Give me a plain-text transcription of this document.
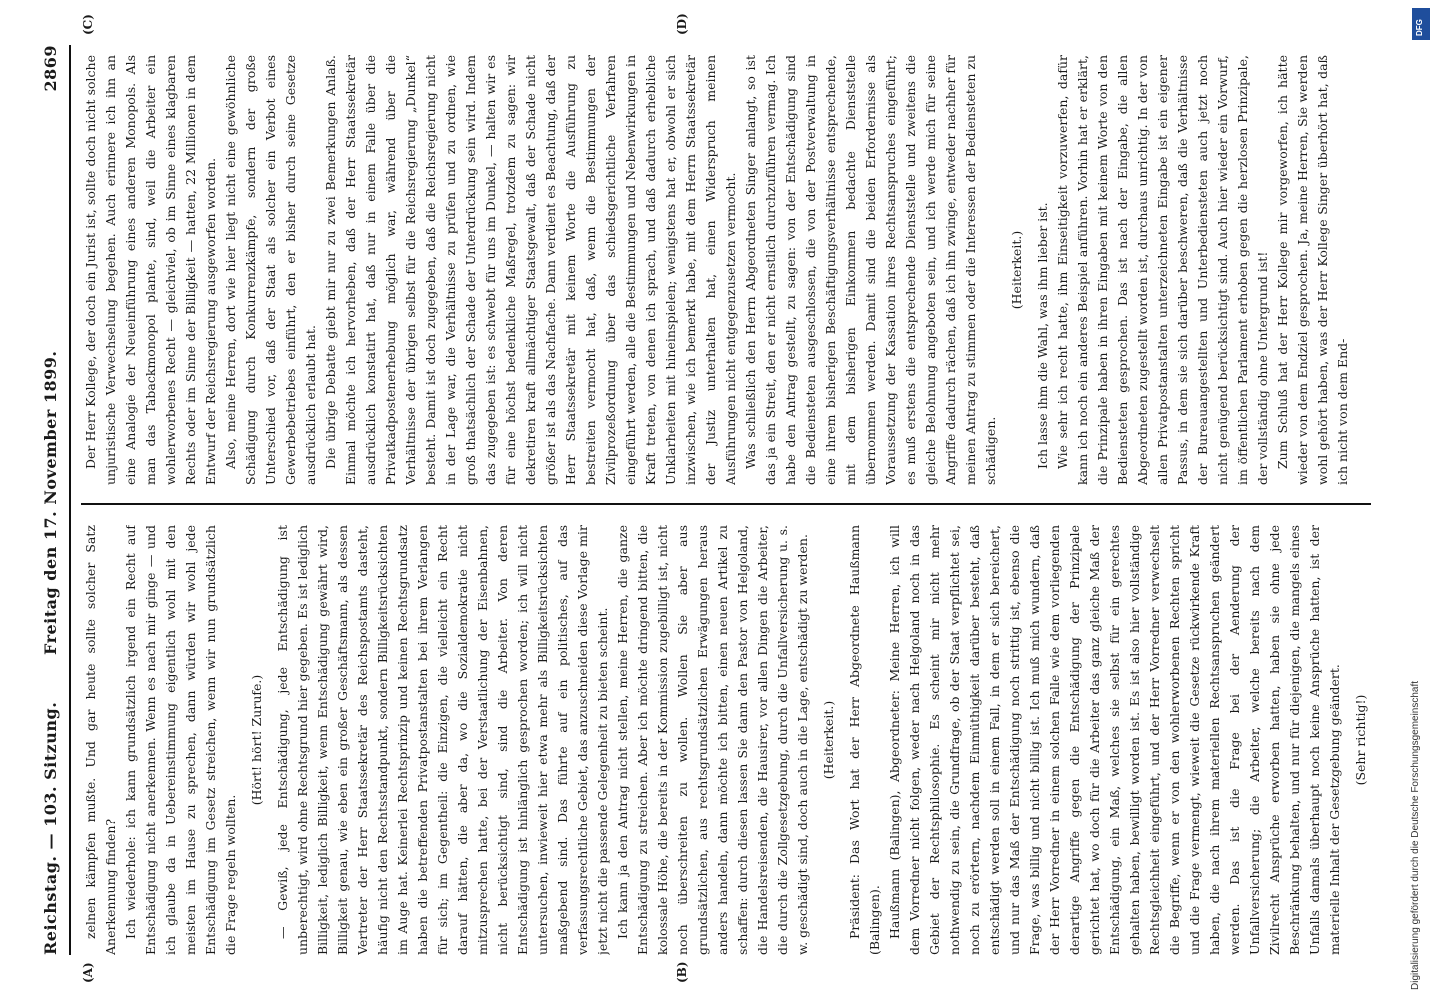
Reichstag. — 103. Sitzung.
Freitag den 17. November 1899.
2869
(A)	(B)
(C)	(D)

zelnen kämpfen mußte. Und gar heute sollte solcher Satz Anerkennung finden? Ich wiederhole: ich kann grundsätzlich irgend ein Recht auf Entschädigung nicht anerkennen. Wenn es nach mir ginge — und ich glaube da in Uebereinstimmung eigentlich wohl mit den meisten im Hause zu sprechen, dann würden wir wohl jede Entschädigung im Gesetz streichen, wenn wir nun grundsätzlich die Frage regeln wollten.

(Hört! hört! Zurufe.) — Gewiß, jede Entschädigung, jede Entschädigung ist unberechtigt, wird ohne Rechtsgrund hier gegeben. Es ist lediglich Billigkeit, lediglich Billigkeit, wenn Entschädigung gewährt wird, Billigkeit genau, wie eben ein großer Geschäftsmann, als dessen Vertreter der Herr Staatssekretär des Reichspostamts dasteht, häufig nicht den Rechtsstandpunkt, sondern Billigkeitsrücksichten im Auge hat. Keinerlei Rechtsprinzip und keinen Rechtsgrundsatz haben die betreffenden Privatpostanstalten bei ihrem Verlangen für sich; im Gegentheil: die Einzigen, die vielleicht ein Recht darauf hätten, die aber da, wo die Sozialdemokratie nicht mitzusprechen hatte, bei der Verstaatlichung der Eisenbahnen, nicht berücksichtigt sind, sind die Arbeiter. Von deren Entschädigung ist hinlänglich gesprochen worden; ich will nicht untersuchen, inwieweit hier etwa mehr als Billigkeitsrücksichten maßgebend sind. Das führte auf ein politisches, auf das verfassungsrechtliche Gebiet, das anzuschneiden diese Vorlage mir jetzt nicht die passende Gelegenheit zu bieten scheint. Ich kann ja den Antrag nicht stellen, meine Herren, die ganze Entschädigung zu streichen. Aber ich möchte dringend bitten, die kolossale Höhe, die bereits in der Kommission zugebilligt ist, nicht noch überschreiten zu wollen. Wollen Sie aber aus grundsätzlichen, aus rechtsgrundsätzlichen Erwägungen heraus anders handeln, dann möchte ich bitten, einen neuen Artikel zu schaffen: durch diesen lassen Sie dann den Pastor von Helgoland, die Handelsreisenden, die Hausirer, vor allen Dingen die Arbeiter, die durch die Zollgesetzgebung, durch die Unfallversicherung u. s. w. geschädigt sind, doch auch in die Lage, entschädigt zu werden. (Heiterkeit.) Präsident: Das Wort hat der Herr Abgeordnete Haußmann (Balingen). Haußmann (Balingen), Abgeordneter: Meine Herren, ich will dem Vorredner nicht folgen, weder nach Helgoland noch in das Gebiet der Rechtsphilosophie. Es scheint mir nicht mehr nothwendig zu sein, die Grundfrage, ob der Staat verpflichtet sei, noch zu erörtern, nachdem Einmüthigkeit darüber besteht, daß entschädigt werden soll in einem Fall, in dem er sich bereichert, und nur das Maß der Entschädigung noch strittig ist, ebenso die Frage, was billig und nicht billig ist. Ich muß mich wundern, daß der Herr Vorredner in einem solchen Falle wie dem vorliegenden derartige Angriffe gegen die Entschädigung der Prinzipale gerichtet hat, wo doch für die Arbeiter das ganz gleiche Maß der Entschädigung, ein Maß, welches sie selbst für ein gerechtes gehalten haben, bewilligt worden ist. Es ist also hier vollständige Rechtsgleichheit eingeführt, und der Herr Vorredner verwechselt die Begriffe, wenn er von den wohlerworbenen Rechten spricht und die Frage vermengt, wieweit die Gesetze rückwirkende Kraft haben, die nach ihrem materiellen Rechtsanspruchen geändert werden. Das ist die Frage bei der Aenderung der Unfallversicherung; die Arbeiter, welche bereits nach dem Zivilrecht Ansprüche erworben hatten, haben sie ohne jede Beschränkung behalten, und nur für diejenigen, die mangels eines Unfalls damals überhaupt noch keine Ansprüche hatten, ist der materielle Inhalt der Gesetzgebung geändert. (Sehr richtig!)

Der Herr Kollege, der doch ein Jurist ist, sollte doch nicht solche unjuristische Verwechselung begehen. Auch erinnere ich ihn an eine Analogie der Neueinführung eines anderen Monopols. Als man das Tabackmonopol plante, sind, weil die Arbeiter ein wohlerworbenes Recht — gleichviel, ob im Sinne eines klagbaren Rechts oder im Sinne der Billigkeit — hatten, 22 Millionen in dem Entwurf der Reichsregierung ausgeworfen worden. Also, meine Herren, dort wie hier liegt nicht eine gewöhnliche Schädigung durch Konkurrenzkämpfe, sondern der große Unterschied vor, daß der Staat als solcher ein Verbot eines Gewerbebetriebes einführt, den er bisher durch seine Gesetze ausdrücklich erlaubt hat. Die übrige Debatte giebt mir nur zu zwei Bemerkungen Anlaß. Einmal möchte ich hervorheben, daß der Herr Staatssekretär ausdrücklich konstatirt hat, daß nur in einem Falle über die Privatkadpostenerhebung möglich war, während über die Verhältnisse der übrigen selbst für die Reichsregierung „Dunkel“ besteht. Damit ist doch zugegeben, daß die Reichsregierung nicht in der Lage war, die Verhältnisse zu prüfen und zu ordnen, wie groß thatsächlich der Schade der Unterdrückung sein wird. Indem das zugegeben ist: es schwebt für uns im Dunkel, — halten wir es für eine höchst bedenkliche Maßregel, trotzdem zu sagen: wir dekretiren kraft allmächtiger Staatsgewalt, daß der Schade nicht größer ist als das Nachfache. Dann verdient es Beachtung, daß der Herr Staatssekretär mit keinem Worte die Ausführung zu bestreiten vermocht hat, daß, wenn die Bestimmungen der Zivilprozeßordnung über das schiedsgerichtliche Verfahren eingeführt werden, alle die Bestimmungen und Nebenwirkungen in Kraft treten, von denen ich sprach, und daß dadurch erhebliche Unklarheiten mit hineinspielen; wenigstens hat er, obwohl er sich inzwischen, wie ich bemerkt habe, mit dem Herrn Staatssekretär der Justiz unterhalten hat, einen Widerspruch meinen Ausführungen nicht entgegenzusetzen vermocht. Was schließlich den Herrn Abgeordneten Singer anlangt, so ist das ja ein Streit, den er nicht ernstlich durchzuführen vermag. Ich habe den Antrag gestellt, zu sagen: von der Entschädigung sind die Bediensteten ausgeschlossen, die von der Postverwaltung in eine ihrem bisherigen Beschäftigungsverhältnisse entsprechende, mit dem bisherigen Einkommen bedachte Dienststelle übernommen werden. Damit sind die beiden Erfordernisse als Voraussetzung der Kassation ihres Rechtsanspruches eingeführt; es muß erstens die entsprechende Dienststelle und zweitens die gleiche Belohnung angeboten sein, und ich werde mich für seine Angriffe dadurch rächen, daß ich ihn zwinge, entweder nachher für meinen Antrag zu stimmen oder die Interessen der Bediensteten zu schädigen.

(Heiterkeit.) Ich lasse ihm die Wahl, was ihm lieber ist. Wie sehr ich recht hatte, ihm Einseitigkeit vorzuwerfen, dafür kann ich noch ein anderes Beispiel anführen. Vorhin hat er erklärt, die Prinzipale haben in ihren Eingaben mit keinem Worte von den Bediensteten gesprochen. Das ist nach der Eingabe, die allen Abgeordneten zugestellt worden ist, durchaus unrichtig. In der von allen Privatpostanstalten unterzeichneten Eingabe ist ein eigener Passus, in dem sie sich darüber beschweren, daß die Verhältnisse der Bureauangestellten und Unterbediensteten auch jetzt noch nicht genügend berücksichtigt sind. Auch hier wieder ein Vorwurf, im öffentlichen Parlament erhoben gegen die herzlosen Prinzipale, der vollständig ohne Untergrund ist! Zum Schluß hat der Herr Kollege mir vorgeworfen, ich hätte wieder von dem Endziel gesprochen. Ja, meine Herren, Sie werden wohl gehört haben, was der Herr Kollege Singer überhört hat, daß ich nicht von dem End-

Digitalisierung gefördert durch die Deutsche Forschungsgemeinschaft
DFG
